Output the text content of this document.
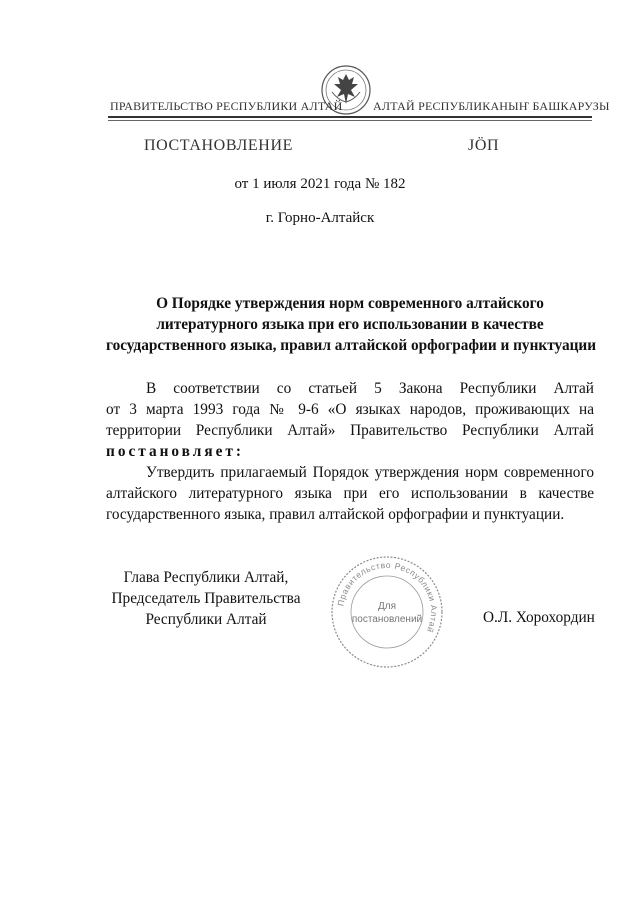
ПРАВИТЕЛЬСТВО РЕСПУБЛИКИ АЛТАЙ	АЛТАЙ РЕСПУБЛИКАНЫҤ БАШКАРУЗЫ
ПОСТАНОВЛЕНИЕ	ЈӦП
от 1 июля 2021 года № 182
г. Горно-Алтайск
О Порядке утверждения норм современного алтайского
литературного языка при его использовании в качестве
государственного языка, правил алтайской орфографии и пунктуации
В соответствии со статьей 5 Закона Республики Алтай
от 3 марта 1993 года № 9-6 «О языках народов, проживающих на
территории Республики Алтай» Правительство Республики Алтай
постановляет:
Утвердить прилагаемый Порядок утверждения норм современного
алтайского литературного языка при его использовании в качестве
государственного языка, правил алтайской орфографии и пунктуации.
Глава Республики Алтай,
Председатель Правительства
Республики Алтай
Правительство Республики Алтай
Для
постановлений	О.Л. Хорохордин
